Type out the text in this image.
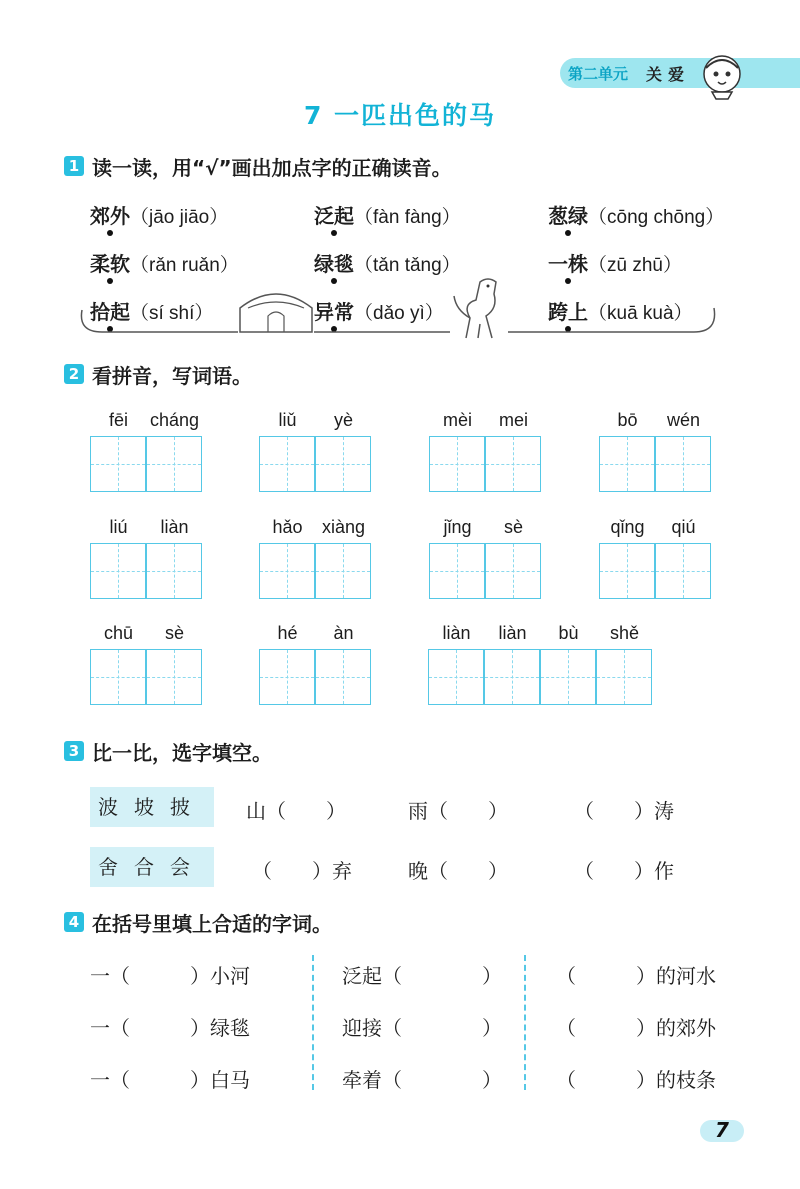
第二单元 关爱
7 一匹出色的马
1 读一读，用“√”画出加点字的正确读音。
郊外（jāo jiāo）	泛起（fàn fàng）	葱绿（cōng chōng）
柔软（rǎn ruǎn）	绿毯（tǎn tǎng）	一株（zū zhū）
拾起（sí shí）	异常（dǎo yì）	跨上（kuā kuà）
2 看拼音，写词语。
fēi	cháng	liǔ	yè	mèi	mei	bō	wén
liú	liàn	hǎo	xiàng	jǐng	sè	qǐng	qiú
chū	sè	hé	àn	liàn	liàn	bù	shě
3 比一比，选字填空。
波坡披	山（　　）	雨（　　）	（　　）涛
舍合会	（　　）弃	晚（　　）	（　　）作
4 在括号里填上合适的字词。
一（　　　）小河	泛起（　　　　）	（　　　）的河水
一（　　　）绿毯	迎接（　　　　）	（　　　）的郊外
一（　　　）白马	牵着（　　　　）	（　　　）的枝条
7
